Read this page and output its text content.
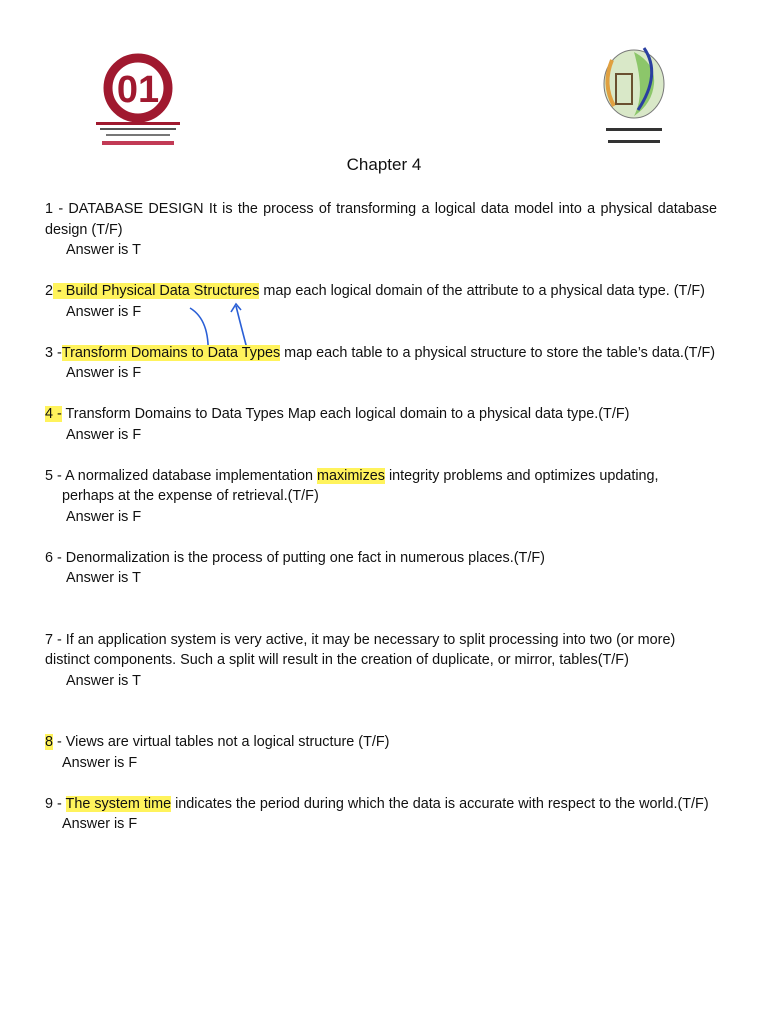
01
Chapter 4

1 - DATABASE DESIGN It is the process of transforming a logical data model into a physical database design (T/F)

Answer is T

2 - Build Physical Data Structures map each logical domain of the attribute to a physical data type. (T/F)

Answer is F

3 -Transform Domains to Data Types map each table to a physical structure to store the table’s data.(T/F)

Answer is F

4 - Transform Domains to Data Types Map each logical domain to a physical data type.(T/F)

Answer is F

5 - A normalized database implementation maximizes integrity problems and optimizes updating,

perhaps at the expense of retrieval.(T/F)

Answer is F

6 - Denormalization is the process of putting one fact in numerous places.(T/F)

Answer is T

7 - If an application system is very active, it may be necessary to split processing into two (or more) distinct components. Such a split will result in the creation of duplicate, or mirror, tables(T/F)

Answer is T

8 - Views are virtual tables not a logical structure (T/F)

Answer is F

9 - The system time indicates the period during which the data is accurate with respect to the world.(T/F)

Answer is F
